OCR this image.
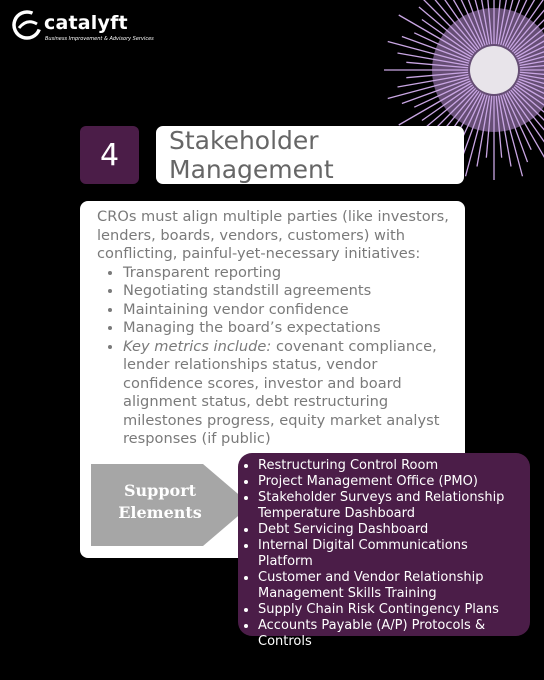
catalyft
Business Improvement & Advisory Services
4 Stakeholder
Management

CROs must align multiple parties (like investors, lenders, boards, vendors, customers) with conflicting, painful-yet-necessary initiatives:

• Transparent reporting
• Negotiating standstill agreements
• Maintaining vendor confidence
• Managing the board’s expectations
• Key metrics include: covenant compliance, lender relationships status, vendor confidence scores, investor and board alignment status, debt restructuring milestones progress, equity market analyst responses (if public)
Support
Elements
• Restructuring Control Room
• Project Management Office (PMO)
• Stakeholder Surveys and Relationship Temperature Dashboard
• Debt Servicing Dashboard
• Internal Digital Communications Platform
• Customer and Vendor Relationship Management Skills Training
• Supply Chain Risk Contingency Plans
• Accounts Payable (A/P) Protocols & Controls
